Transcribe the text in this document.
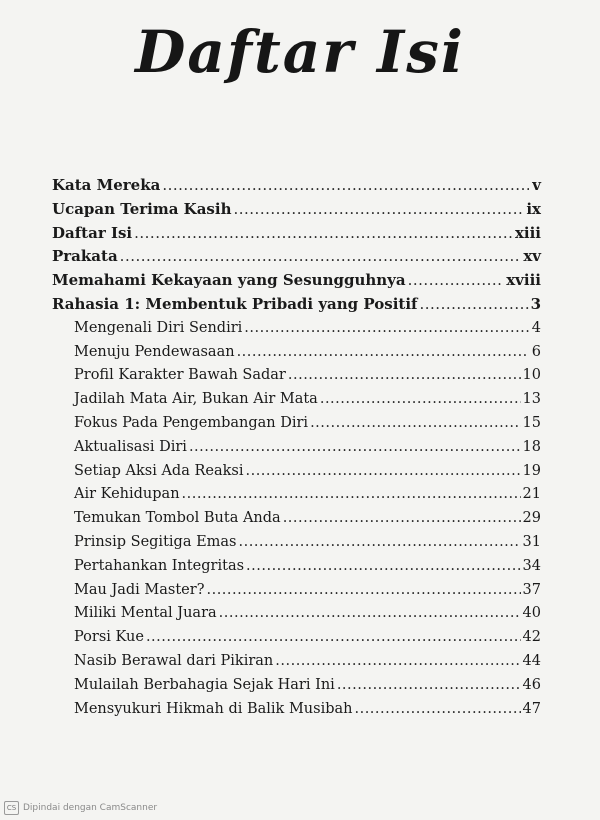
Daftar Isi
Kata Mereka .....	v
Ucapan Terima Kasih .....	ix
Daftar Isi .....	xiii
Prakata .....	xv
Memahami Kekayaan yang Sesungguhnya .....	xviii
Rahasia 1: Membentuk Pribadi yang Positif .....	3
Mengenali Diri Sendiri .....	4
Menuju Pendewasaan .....	6
Profil Karakter Bawah Sadar .....	10
Jadilah Mata Air, Bukan Air Mata .....	13
Fokus Pada Pengembangan Diri .....	15
Aktualisasi Diri .....	18
Setiap Aksi Ada Reaksi .....	19
Air Kehidupan .....	21
Temukan Tombol Buta Anda .....	29
Prinsip Segitiga Emas .....	31
Pertahankan Integritas .....	34
Mau Jadi Master? .....	37
Miliki Mental Juara .....	40
Porsi Kue .....	42
Nasib Berawal dari Pikiran .....	44
Mulailah Berbahagia Sejak Hari Ini .....	46
Mensyukuri Hikmah di Balik Musibah .....	47
CS Dipindai dengan CamScanner
